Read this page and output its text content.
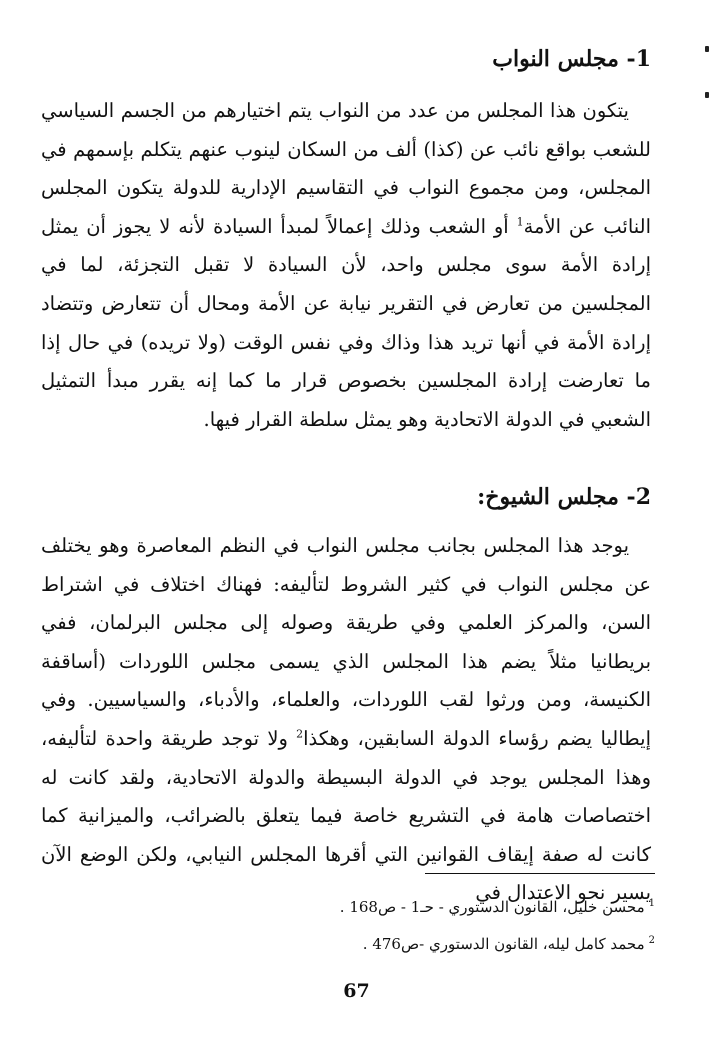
1- مجلس النواب

يتكون هذا المجلس من عدد من النواب يتم اختيارهم من الجسم السياسي للشعب بواقع نائب عن (كذا) ألف من السكان لينوب عنهم يتكلم بإسمهم في المجلس، ومن مجموع النواب في التقاسيم الإدارية للدولة يتكون المجلس النائب عن الأمة$^1$ أو الشعب وذلك إعمالاً لمبدأ السيادة لأنه لا يجوز أن يمثل إرادة الأمة سوى مجلس واحد، لأن السيادة لا تقبل التجزئة، لما في المجلسين من تعارض في التقرير نيابة عن الأمة ومحال أن تتعارض وتتضاد إرادة الأمة في أنها تريد هذا وذاك وفي نفس الوقت (ولا تريده) في حال إذا ما تعارضت إرادة المجلسين بخصوص قرار ما كما إنه يقرر مبدأ التمثيل الشعبي في الدولة الاتحادية وهو يمثل سلطة القرار فيها.

2- مجلس الشيوخ:

يوجد هذا المجلس بجانب مجلس النواب في النظم المعاصرة وهو يختلف عن مجلس النواب في كثير الشروط لتأليفه: فهناك اختلاف في اشتراط السن، والمركز العلمي وفي طريقة وصوله إلى مجلس البرلمان، ففي بريطانيا مثلاً يضم هذا المجلس الذي يسمى مجلس اللوردات (أساقفة الكنيسة، ومن ورثوا لقب اللوردات، والعلماء، والأدباء، والسياسيين. وفي إيطاليا يضم رؤساء الدولة السابقين، وهكذا$^2$ ولا توجد طريقة واحدة لتأليفه، وهذا المجلس يوجد في الدولة البسيطة والدولة الاتحادية، ولقد كانت له اختصاصات هامة في التشريع خاصة فيما يتعلق بالضرائب، والميزانية كما كانت له صفة إيقاف القوانين التي أقرها المجلس النيابي، ولكن الوضع الآن يسير نحو الاعتدال في

$^1$محسن خليل، القانون الدستوري - حـ1 - ص168 .
$^2$محمد كامل ليله، القانون الدستوري -ص476 .
67
